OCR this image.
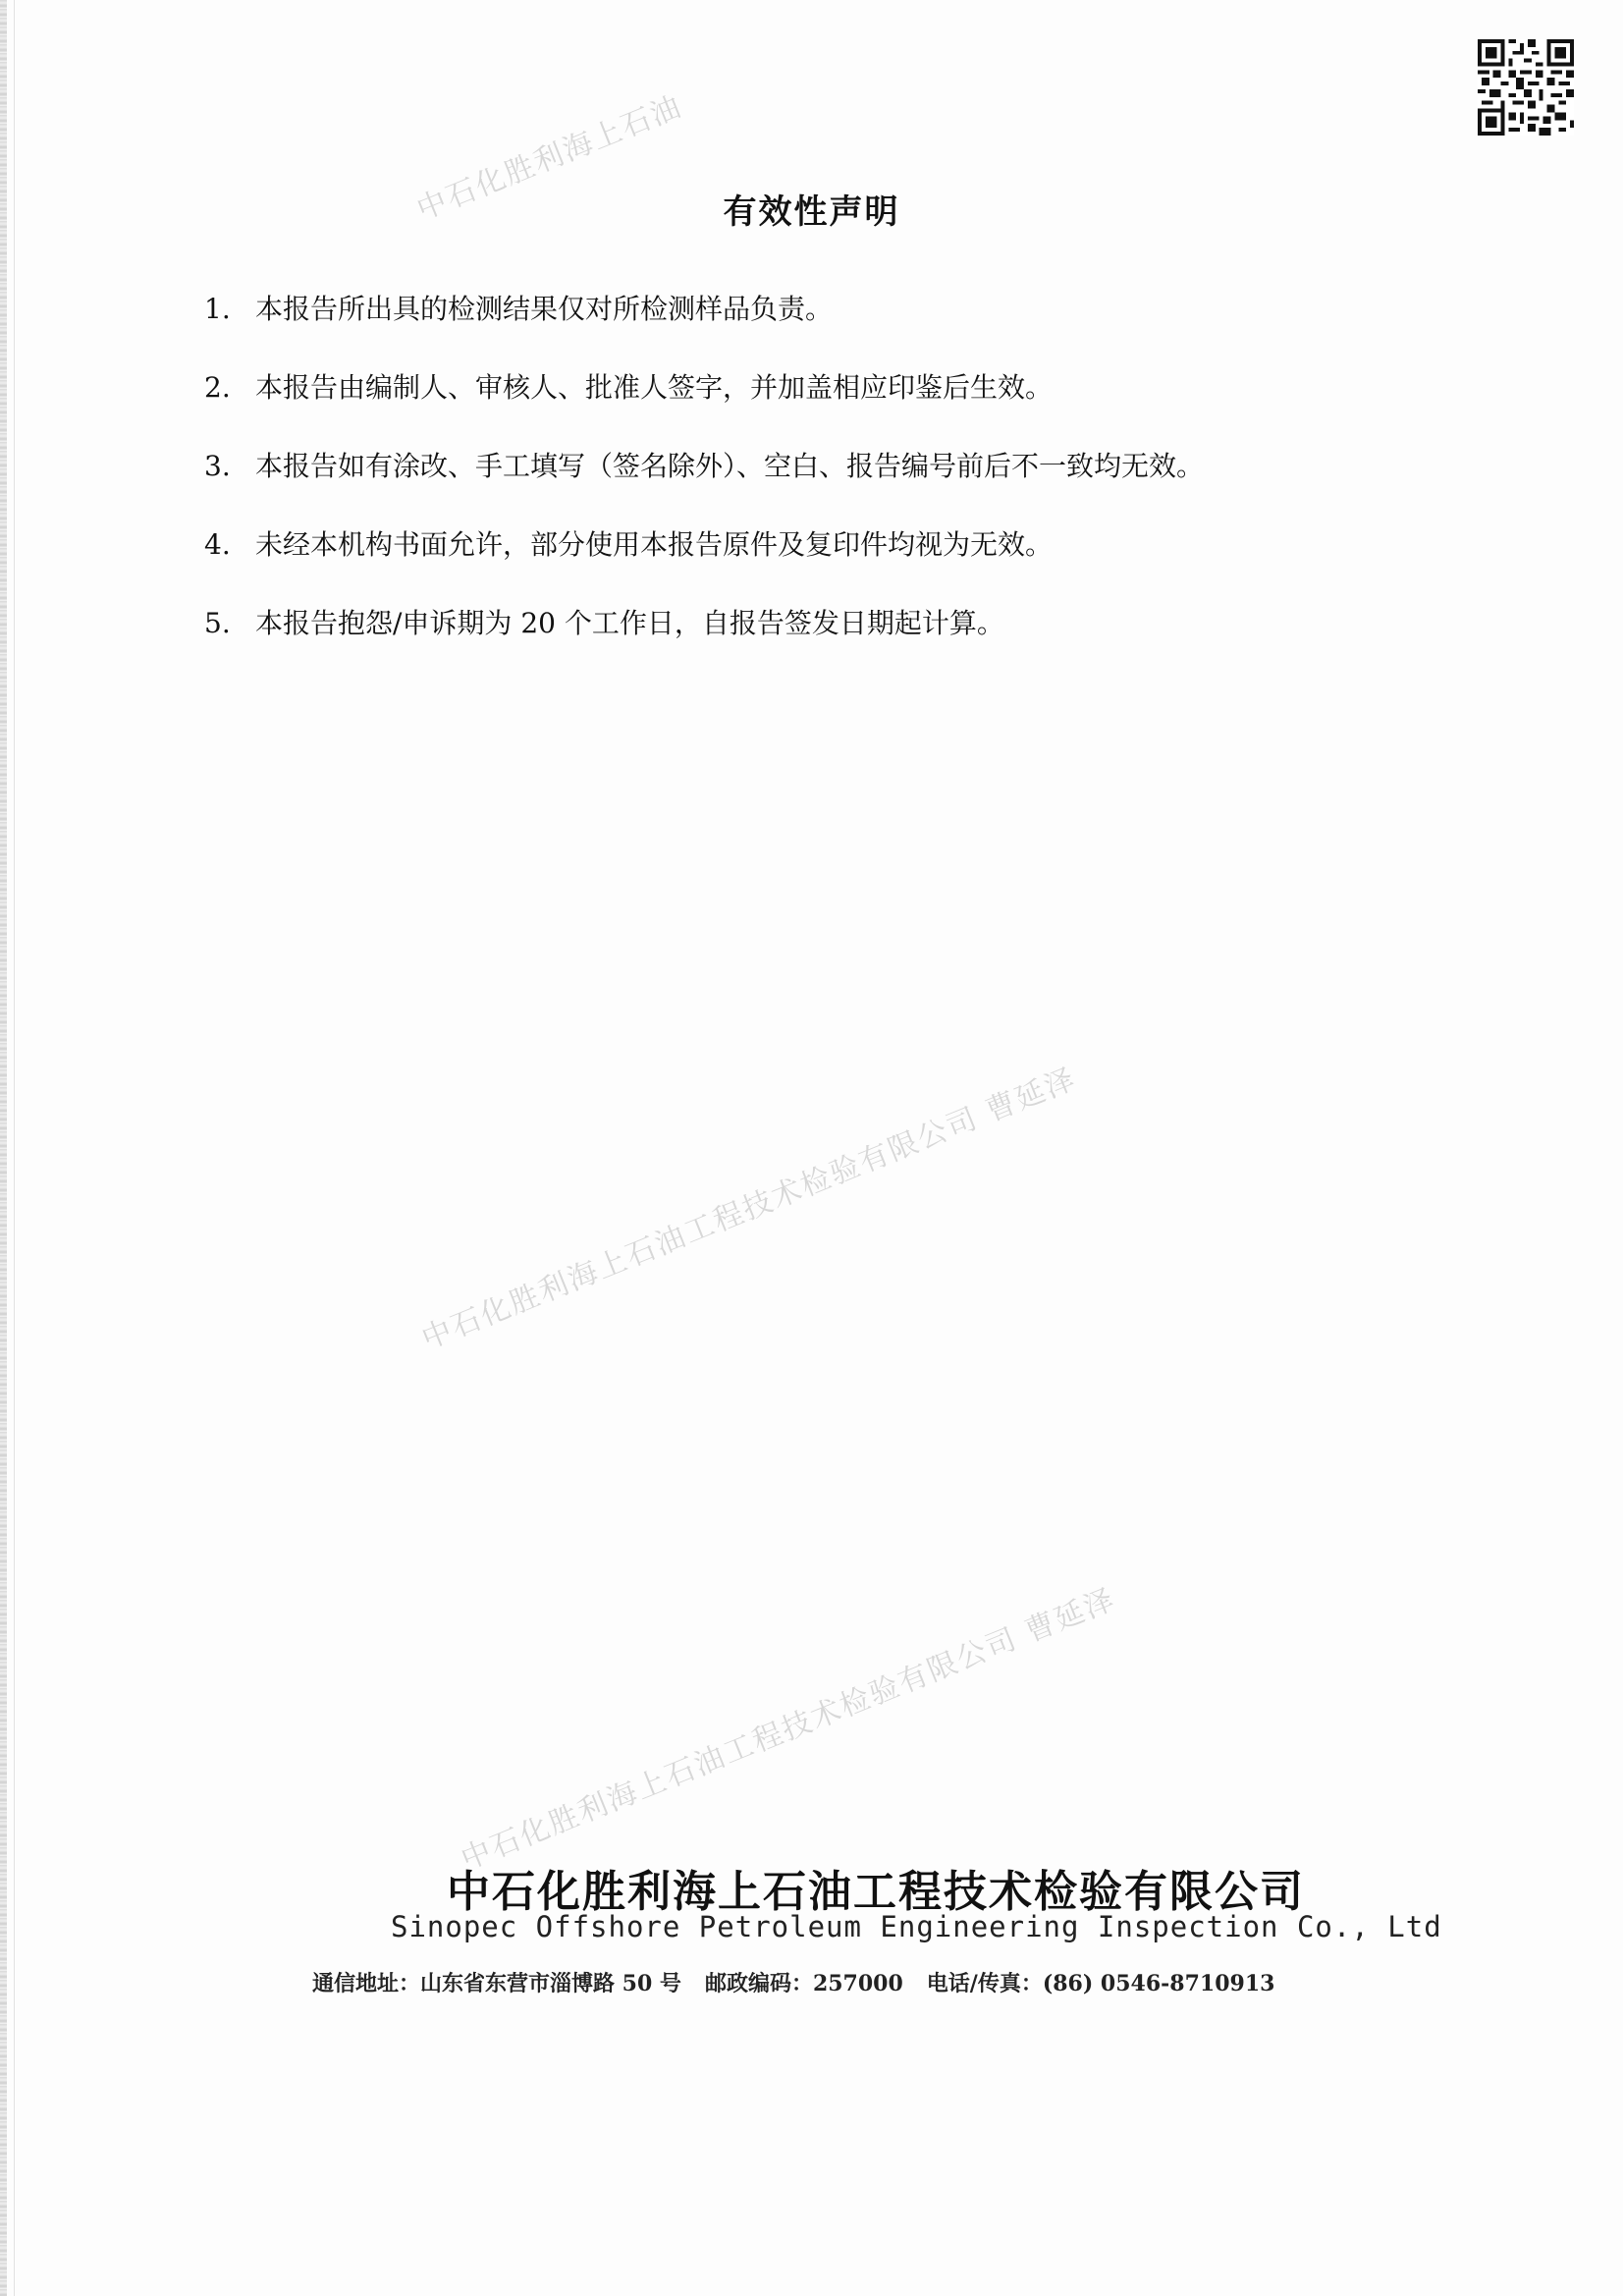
中石化胜利海上石油
中石化胜利海上石油工程技术检验有限公司 曹延泽
中石化胜利海上石油工程技术检验有限公司 曹延泽
有效性声明
1. 本报告所出具的检测结果仅对所检测样品负责。
2. 本报告由编制人、审核人、批准人签字，并加盖相应印鉴后生效。
3. 本报告如有涂改、手工填写（签名除外）、空白、报告编号前后不一致均无效。
4. 未经本机构书面允许，部分使用本报告原件及复印件均视为无效。
5. 本报告抱怨/申诉期为 20 个工作日，自报告签发日期起计算。
中石化胜利海上石油工程技术检验有限公司
Sinopec Offshore Petroleum Engineering Inspection Co., Ltd
通信地址：山东省东营市淄博路 50 号 邮政编码：257000 电话/传真：(86) 0546-8710913
